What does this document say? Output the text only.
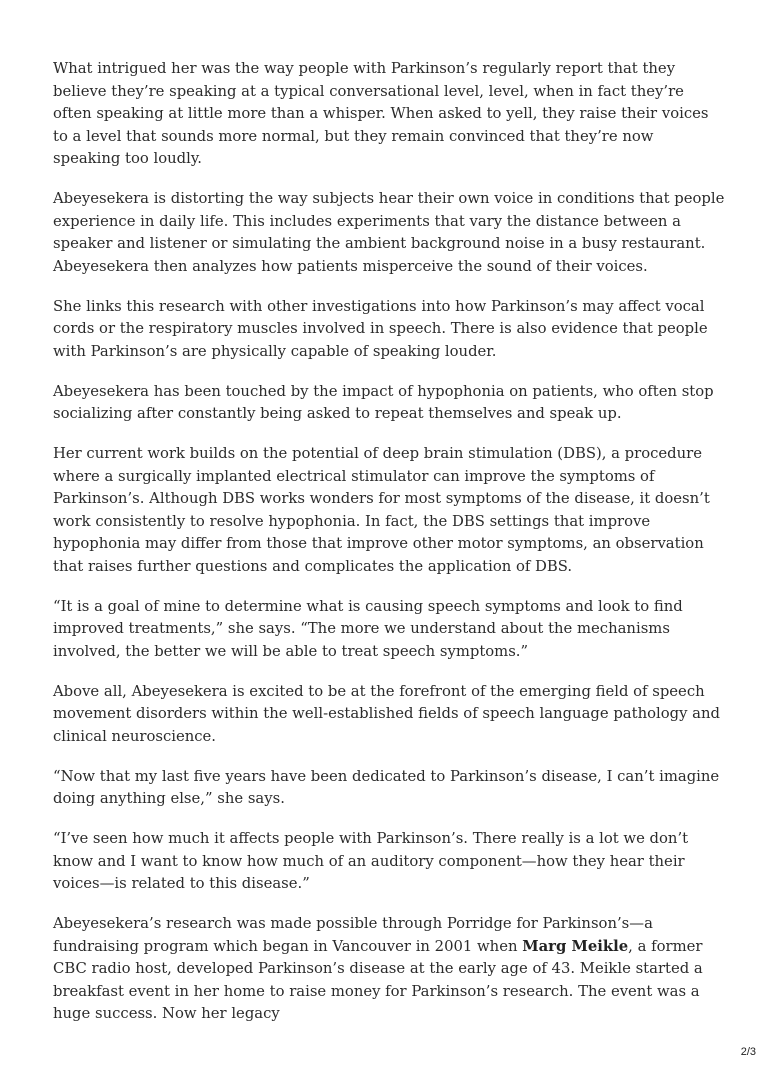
What intrigued her was the way people with Parkinson’s regularly report that they believe they’re speaking at a typical conversational level, level, when in fact they’re often speaking at little more than a whisper. When asked to yell, they raise their voices to a level that sounds more normal, but they remain convinced that they’re now speaking too loudly.

Abeyesekera is distorting the way subjects hear their own voice in conditions that people experience in daily life. This includes experiments that vary the distance between a speaker and listener or simulating the ambient background noise in a busy restaurant. Abeyesekera then analyzes how patients misperceive the sound of their voices.

She links this research with other investigations into how Parkinson’s may affect vocal cords or the respiratory muscles involved in speech. There is also evidence that people with Parkinson’s are physically capable of speaking louder.

Abeyesekera has been touched by the impact of hypophonia on patients, who often stop socializing after constantly being asked to repeat themselves and speak up.

Her current work builds on the potential of deep brain stimulation (DBS), a procedure where a surgically implanted electrical stimulator can improve the symptoms of Parkinson’s. Although DBS works wonders for most symptoms of the disease, it doesn’t work consistently to resolve hypophonia. In fact, the DBS settings that improve hypophonia may differ from those that improve other motor symptoms, an observation that raises further questions and complicates the application of DBS.

“It is a goal of mine to determine what is causing speech symptoms and look to find improved treatments,” she says. “The more we understand about the mechanisms involved, the better we will be able to treat speech symptoms.”

Above all, Abeyesekera is excited to be at the forefront of the emerging field of speech movement disorders within the well-established fields of speech language pathology and clinical neuroscience.

“Now that my last five years have been dedicated to Parkinson’s disease, I can’t imagine doing anything else,” she says.

“I’ve seen how much it affects people with Parkinson’s. There really is a lot we don’t know and I want to know how much of an auditory component—how they hear their voices—is related to this disease.”

Abeyesekera’s research was made possible through Porridge for Parkinson’s—a fundraising program which began in Vancouver in 2001 when Marg Meikle, a former CBC radio host, developed Parkinson’s disease at the early age of 43. Meikle started a breakfast event in her home to raise money for Parkinson’s research. The event was a huge success. Now her legacy

2/3
